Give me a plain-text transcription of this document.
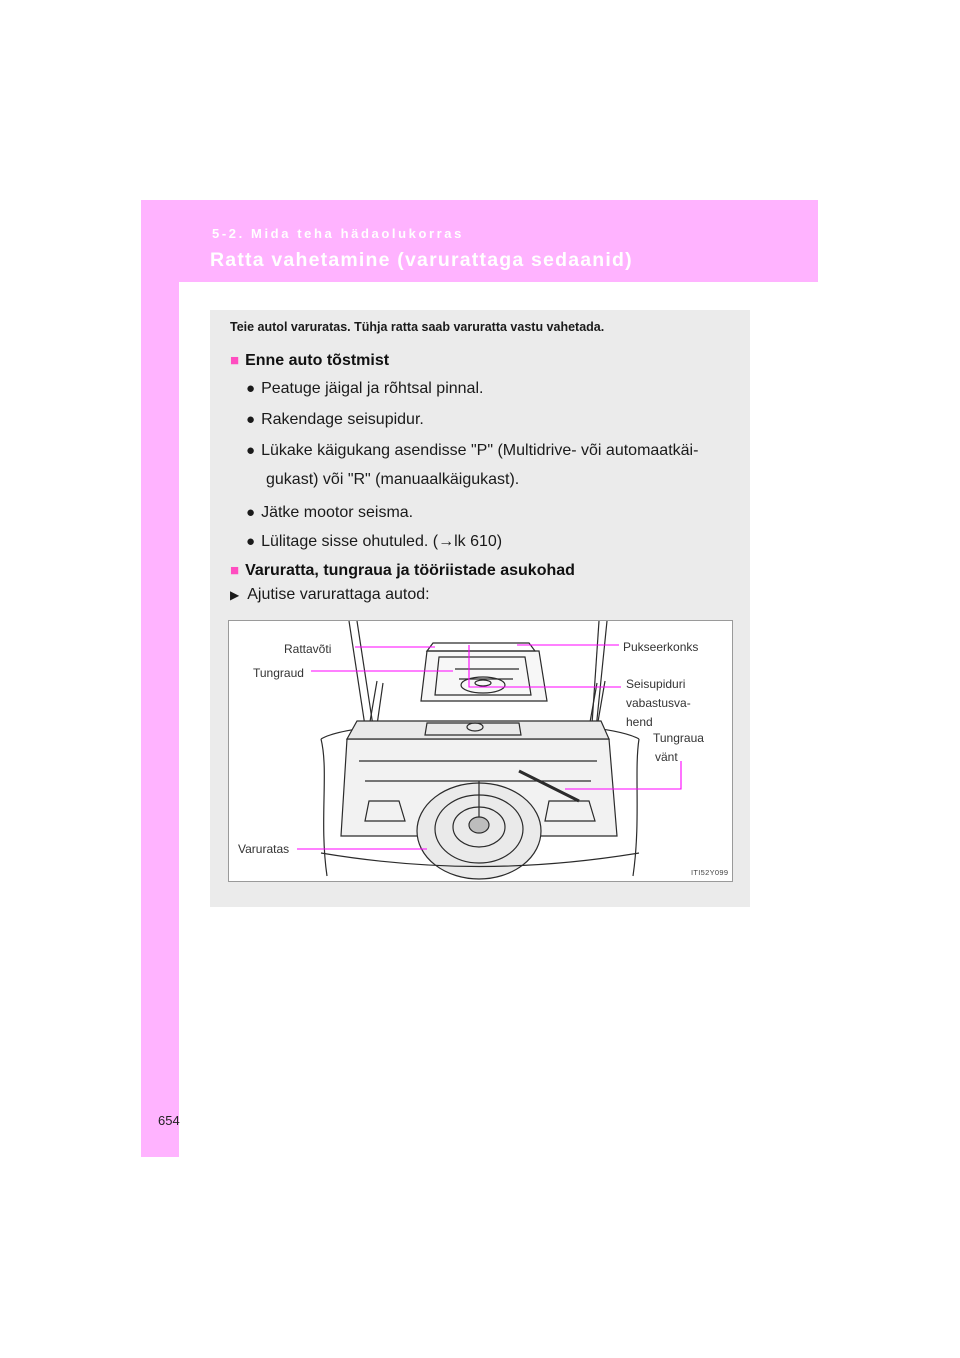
5-2. Mida teha hädaolukorras
Ratta vahetamine (varurattaga sedaanid)
Teie autol varuratas. Tühja ratta saab varuratta vastu vahetada.
■ Enne auto tõstmist
● Peatuge jäigal ja rõhtsal pinnal.
● Rakendage seisupidur.
● Lükake käigukang asendisse "P" (Multidrive- või automaatkäi-
gukast) või "R" (manuaalkäigukast).
● Jätke mootor seisma.
● Lülitage sisse ohutuled. (→lk 610)
■ Varuratta, tungraua ja tööriistade asukohad
▶ Ajutise varurattaga autod:
Rattavõti
Tungraud
Pukseerkonks
Seisupiduri
vabastusva-
hend
Tungraua
vänt
Varuratas
ITI52Y099
654
